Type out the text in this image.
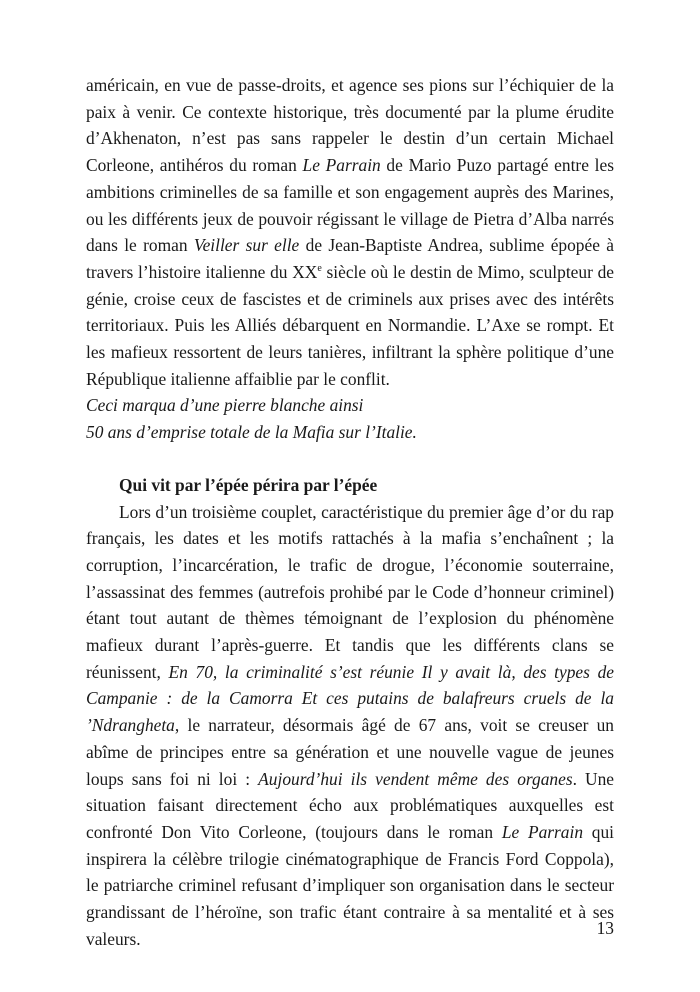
américain, en vue de passe-droits, et agence ses pions sur l’échiquier de la paix à venir. Ce contexte historique, très documenté par la plume érudite d’Akhenaton, n’est pas sans rappeler le destin d’un certain Michael Corleone, antihéros du roman Le Parrain de Mario Puzo partagé entre les ambitions criminelles de sa famille et son engagement auprès des Marines, ou les différents jeux de pouvoir régissant le village de Pietra d’Alba narrés dans le roman Veiller sur elle de Jean-Baptiste Andrea, sublime épopée à travers l’histoire italienne du XXe siècle où le destin de Mimo, sculpteur de génie, croise ceux de fascistes et de criminels aux prises avec des intérêts territoriaux. Puis les Alliés débarquent en Normandie. L’Axe se rompt. Et les mafieux ressortent de leurs tanières, infiltrant la sphère politique d’une République italienne affaiblie par le conflit.

Ceci marqua d’une pierre blanche ainsi

50 ans d’emprise totale de la Mafia sur l’Italie.

Qui vit par l’épée périra par l’épée

Lors d’un troisième couplet, caractéristique du premier âge d’or du rap français, les dates et les motifs rattachés à la mafia s’enchaînent ; la corruption, l’incarcération, le trafic de drogue, l’économie souterraine, l’assassinat des femmes (autrefois prohibé par le Code d’honneur criminel) étant tout autant de thèmes témoignant de l’explosion du phénomène mafieux durant l’après-guerre. Et tandis que les différents clans se réunissent, En 70, la criminalité s’est réunie Il y avait là, des types de Campanie : de la Camorra Et ces putains de balafreurs cruels de la ’Ndrangheta, le narrateur, désormais âgé de 67 ans, voit se creuser un abîme de principes entre sa génération et une nouvelle vague de jeunes loups sans foi ni loi : Aujourd’hui ils vendent même des organes. Une situation faisant directement écho aux problématiques auxquelles est confronté Don Vito Corleone, (toujours dans le roman Le Parrain qui inspirera la célèbre trilogie cinématographique de Francis Ford Coppola), le patriarche criminel refusant d’impliquer son organisation dans le secteur grandissant de l’héroïne, son trafic étant contraire à sa mentalité et à ses valeurs.

13
